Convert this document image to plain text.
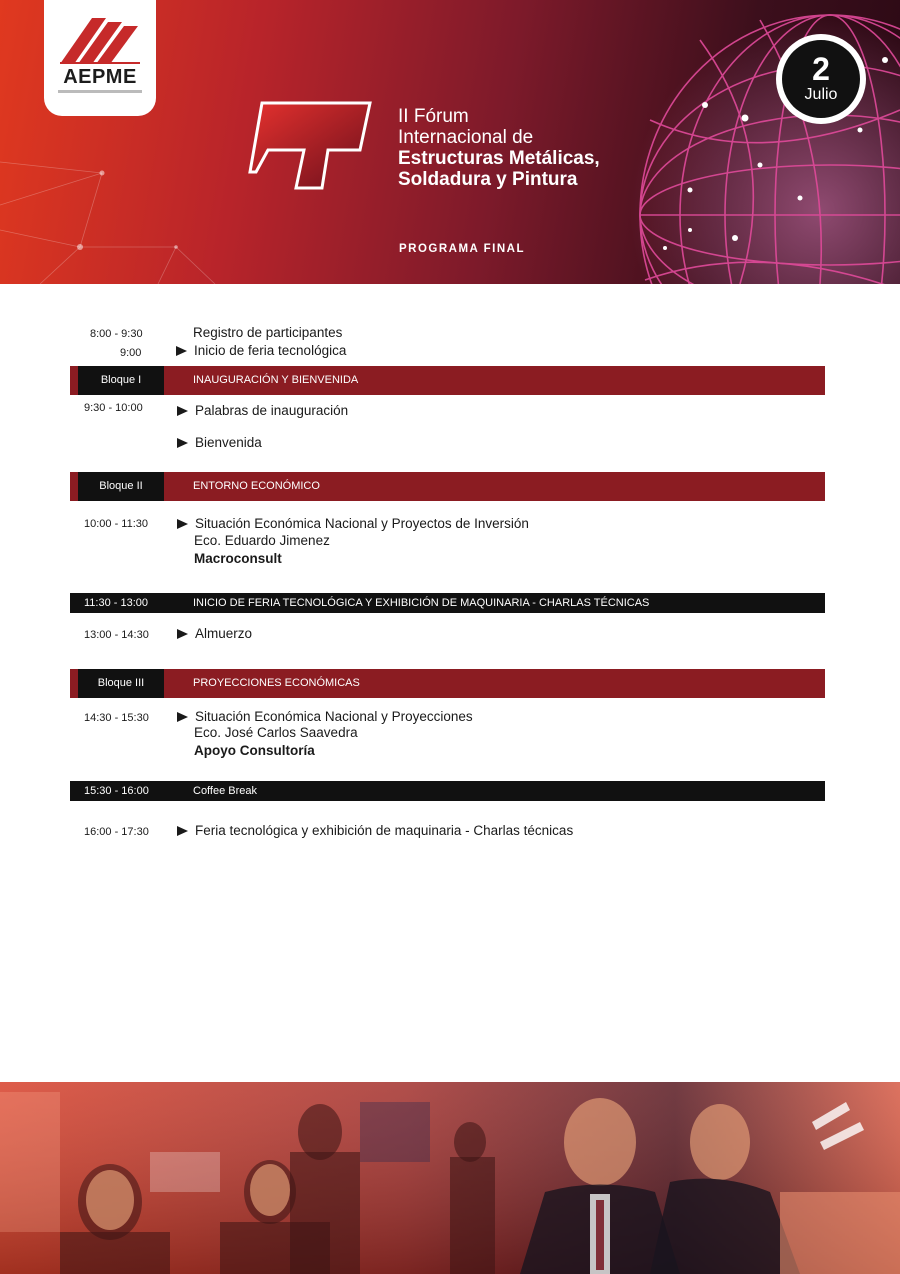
AEPME
II Fórum
Internacional de
Estructuras Metálicas,
Soldadura y Pintura
PROGRAMA FINAL
2
Julio
8:00 - 9:30	Registro de participantes
9:00	Inicio de feria tecnológica
Bloque I	INAUGURACIÓN Y BIENVENIDA
9:30 - 10:00	Palabras de inauguración
Bienvenida
Bloque II	ENTORNO ECONÓMICO
10:00 - 11:30	Situación Económica Nacional y Proyectos de Inversión
Eco. Eduardo Jimenez
Macroconsult
11:30 - 13:00	INICIO DE FERIA TECNOLÓGICA Y EXHIBICIÓN DE MAQUINARIA - CHARLAS TÉCNICAS
13:00 - 14:30	Almuerzo
Bloque III	PROYECCIONES ECONÓMICAS
14:30 - 15:30	Situación Económica Nacional y Proyecciones
Eco. José Carlos Saavedra
Apoyo Consultoría
15:30 - 16:00	Coffee Break
16:00 - 17:30	Feria tecnológica y exhibición de maquinaria - Charlas técnicas
